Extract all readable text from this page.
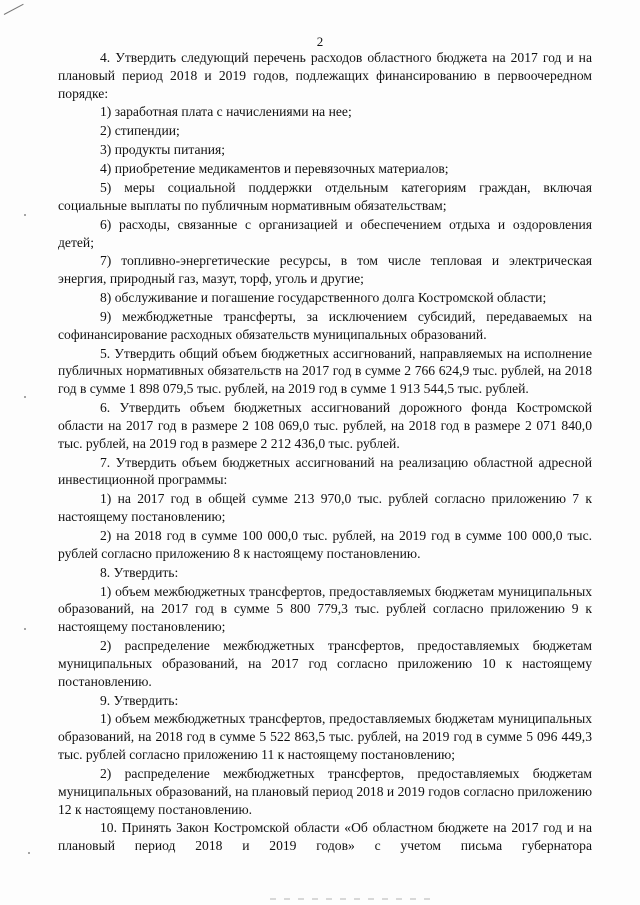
2

4. Утвердить следующий перечень расходов областного бюджета на 2017 год и на плановый период 2018 и 2019 годов, подлежащих финансированию в первоочередном порядке:

1) заработная плата с начислениями на нее;

2) стипендии;

3) продукты питания;

4) приобретение медикаментов и перевязочных материалов;

5) меры социальной поддержки отдельным категориям граждан, включая социальные выплаты по публичным нормативным обязательствам;

6) расходы, связанные с организацией и обеспечением отдыха и оздоровления детей;

7) топливно-энергетические ресурсы, в том числе тепловая и электрическая энергия, природный газ, мазут, торф, уголь и другие;

8) обслуживание и погашение государственного долга Костромской области;

9) межбюджетные трансферты, за исключением субсидий, передаваемых на софинансирование расходных обязательств муниципальных образований.

5. Утвердить общий объем бюджетных ассигнований, направляемых на исполнение публичных нормативных обязательств на 2017 год в сумме 2 766 624,9 тыс. рублей, на 2018 год в сумме 1 898 079,5 тыс. рублей, на 2019 год в сумме 1 913 544,5 тыс. рублей.

6. Утвердить объем бюджетных ассигнований дорожного фонда Костромской области на 2017 год в размере 2 108 069,0 тыс. рублей, на 2018 год в размере 2 071 840,0 тыс. рублей, на 2019 год в размере 2 212 436,0 тыс. рублей.

7. Утвердить объем бюджетных ассигнований на реализацию областной адресной инвестиционной программы:

1) на 2017 год в общей сумме 213 970,0 тыс. рублей согласно приложению 7 к настоящему постановлению;

2) на 2018 год в сумме 100 000,0 тыс. рублей, на 2019 год в сумме 100 000,0 тыс. рублей согласно приложению 8 к настоящему постановлению.

8. Утвердить:

1) объем межбюджетных трансфертов, предоставляемых бюджетам муниципальных образований, на 2017 год в сумме 5 800 779,3 тыс. рублей согласно приложению 9 к настоящему постановлению;

2) распределение межбюджетных трансфертов, предоставляемых бюджетам муниципальных образований, на 2017 год согласно приложению 10 к настоящему постановлению.

9. Утвердить:

1) объем межбюджетных трансфертов, предоставляемых бюджетам муниципальных образований, на 2018 год в сумме 5 522 863,5 тыс. рублей, на 2019 год в сумме 5 096 449,3 тыс. рублей согласно приложению 11 к настоящему постановлению;

2) распределение межбюджетных трансфертов, предоставляемых бюджетам муниципальных образований, на плановый период 2018 и 2019 годов согласно приложению 12 к настоящему постановлению.

10. Принять Закон Костромской области «Об областном бюджете на 2017 год и на плановый период 2018 и 2019 годов» с учетом письма губернатора
